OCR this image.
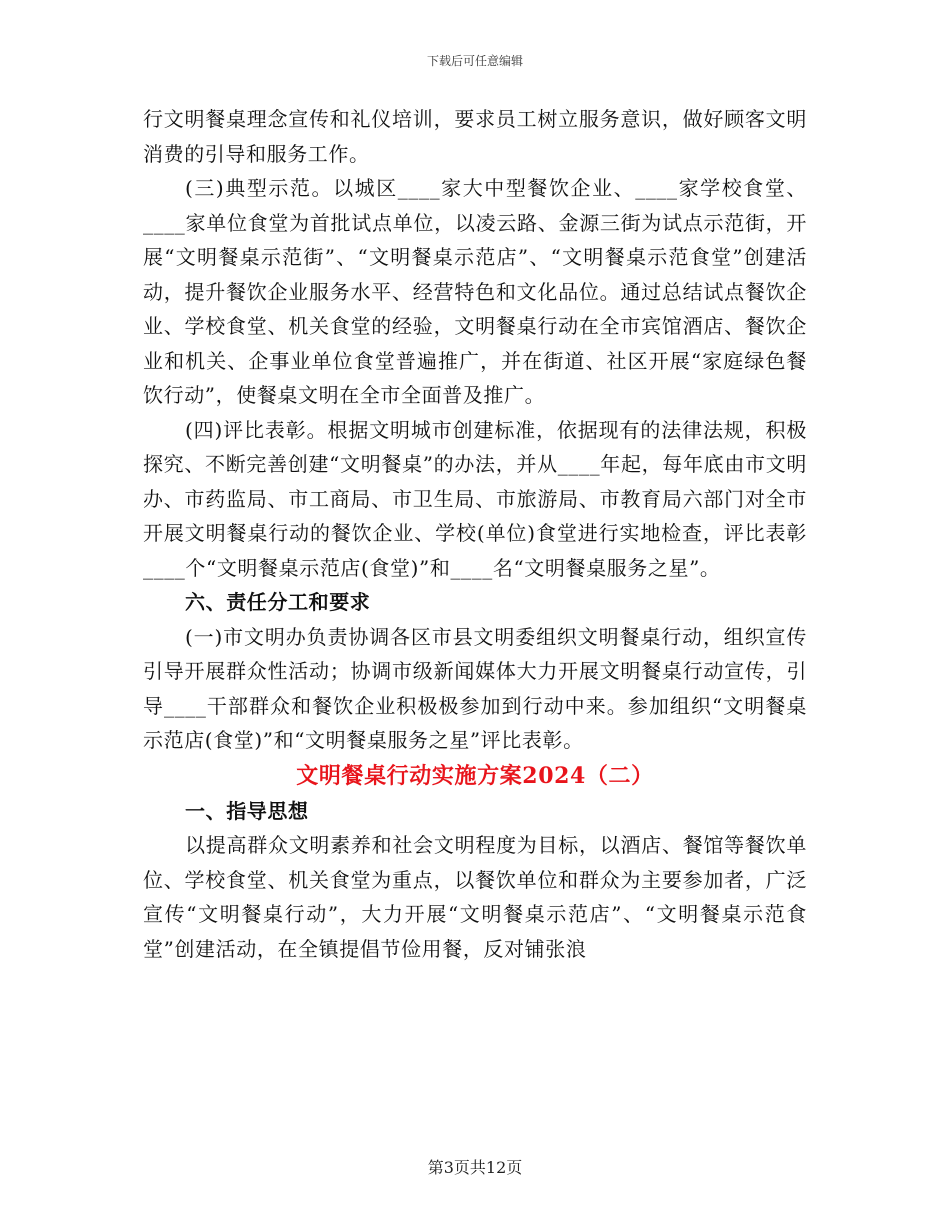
下载后可任意编辑

行文明餐桌理念宣传和礼仪培训，要求员工树立服务意识，做好顾客文明消费的引导和服务工作。

(三)典型示范。以城区____家大中型餐饮企业、____家学校食堂、____家单位食堂为首批试点单位，以凌云路、金源三街为试点示范街，开展“文明餐桌示范街”、“文明餐桌示范店”、“文明餐桌示范食堂”创建活动，提升餐饮企业服务水平、经营特色和文化品位。通过总结试点餐饮企业、学校食堂、机关食堂的经验，文明餐桌行动在全市宾馆酒店、餐饮企业和机关、企事业单位食堂普遍推广，并在街道、社区开展“家庭绿色餐饮行动”，使餐桌文明在全市全面普及推广。

(四)评比表彰。根据文明城市创建标准，依据现有的法律法规，积极探究、不断完善创建“文明餐桌”的办法，并从____年起，每年底由市文明办、市药监局、市工商局、市卫生局、市旅游局、市教育局六部门对全市开展文明餐桌行动的餐饮企业、学校(单位)食堂进行实地检查，评比表彰____个“文明餐桌示范店(食堂)”和____名“文明餐桌服务之星”。

六、责任分工和要求

(一)市文明办负责协调各区市县文明委组织文明餐桌行动，组织宣传引导开展群众性活动；协调市级新闻媒体大力开展文明餐桌行动宣传，引导____干部群众和餐饮企业积极极参加到行动中来。参加组织“文明餐桌示范店(食堂)”和“文明餐桌服务之星”评比表彰。

文明餐桌行动实施方案2024（二）

一、指导思想

以提高群众文明素养和社会文明程度为目标，以酒店、餐馆等餐饮单位、学校食堂、机关食堂为重点，以餐饮单位和群众为主要参加者，广泛宣传“文明餐桌行动”，大力开展“文明餐桌示范店”、“文明餐桌示范食堂”创建活动，在全镇提倡节俭用餐，反对铺张浪

第3页共12页
